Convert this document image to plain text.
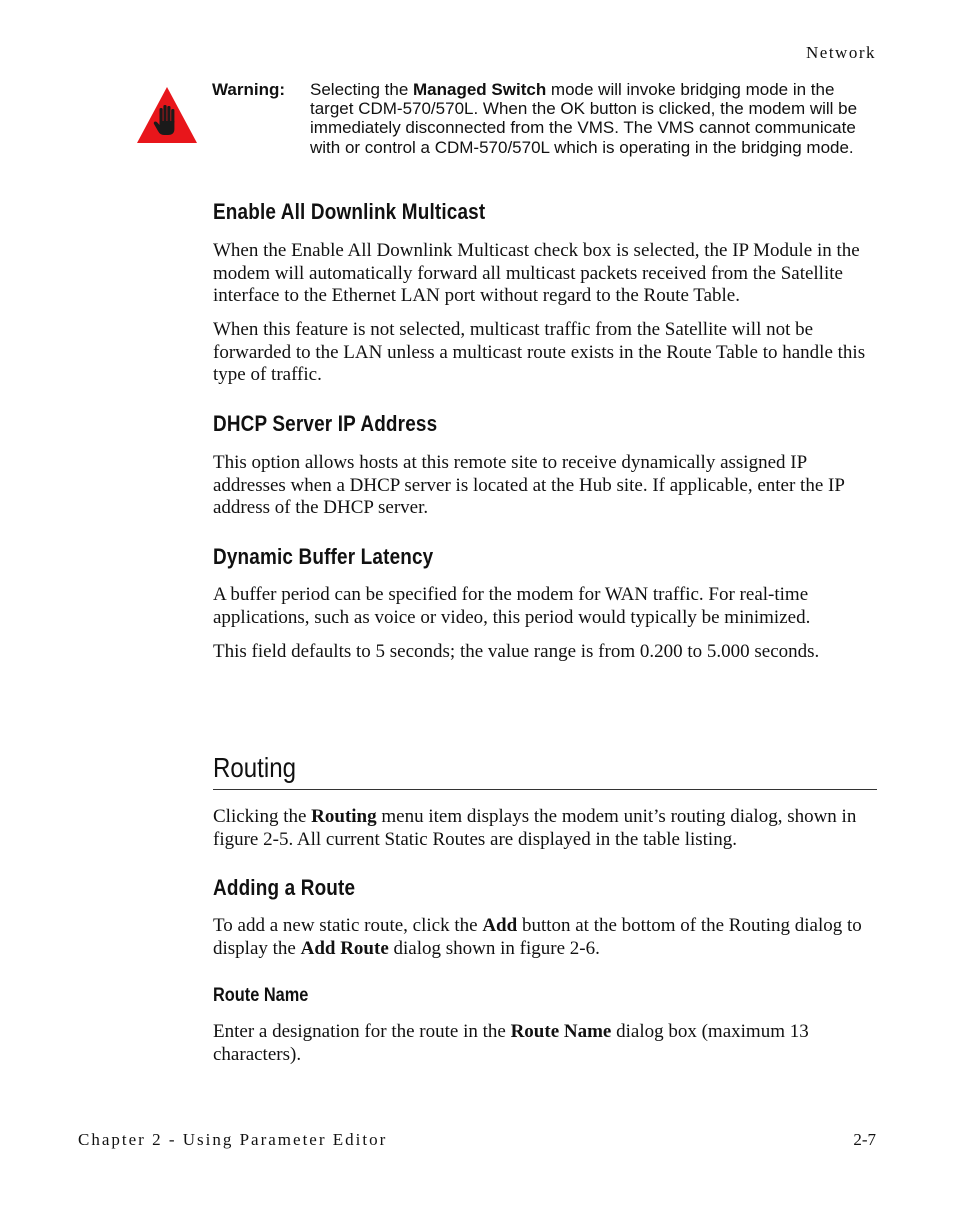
Network
Warning: Selecting the Managed Switch mode will invoke bridging mode in the target CDM-570/570L. When the OK button is clicked, the modem will be immediately disconnected from the VMS. The VMS cannot communicate with or control a CDM-570/570L which is operating in the bridging mode.
Enable All Downlink Multicast

When the Enable All Downlink Multicast check box is selected, the IP Module in the modem will automatically forward all multicast packets received from the Satellite interface to the Ethernet LAN port without regard to the Route Table.

When this feature is not selected, multicast traffic from the Satellite will not be forwarded to the LAN unless a multicast route exists in the Route Table to handle this type of traffic.

DHCP Server IP Address

This option allows hosts at this remote site to receive dynamically assigned IP addresses when a DHCP server is located at the Hub site. If applicable, enter the IP address of the DHCP server.

Dynamic Buffer Latency

A buffer period can be specified for the modem for WAN traffic. For real-time applications, such as voice or video, this period would typically be minimized.

This field defaults to 5 seconds; the value range is from 0.200 to 5.000 seconds.

Routing

Clicking the Routing menu item displays the modem unit’s routing dialog, shown in figure 2-5. All current Static Routes are displayed in the table listing.

Adding a Route

To add a new static route, click the Add button at the bottom of the Routing dialog to display the Add Route dialog shown in figure 2-6.

Route Name

Enter a designation for the route in the Route Name dialog box (maximum 13 characters).

Chapter 2 - Using Parameter Editor	2-7
